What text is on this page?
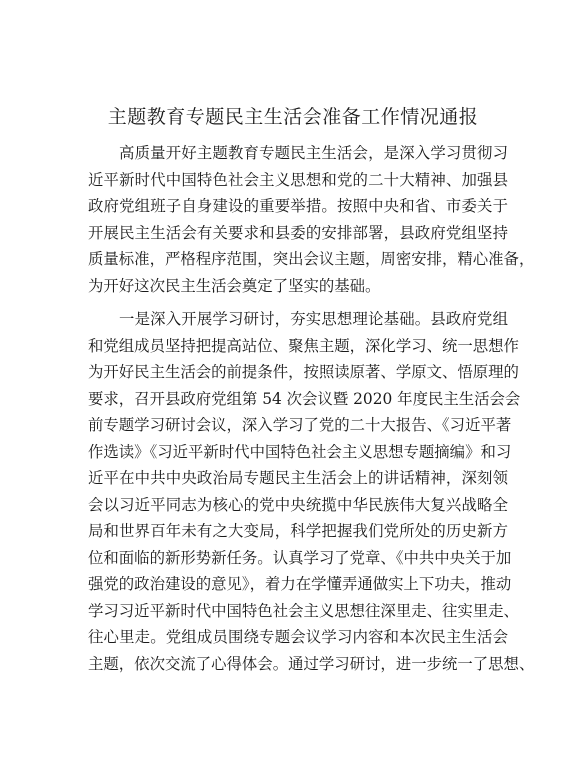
主题教育专题民主生活会准备工作情况通报
高质量开好主题教育专题民主生活会，是深入学习贯彻习
近平新时代中国特色社会主义思想和党的二十大精神、加强县
政府党组班子自身建设的重要举措。按照中央和省、市委关于
开展民主生活会有关要求和县委的安排部署，县政府党组坚持
质量标准，严格程序范围，突出会议主题，周密安排，精心准备，
为开好这次民主生活会奠定了坚实的基础。
一是深入开展学习研讨，夯实思想理论基础。县政府党组
和党组成员坚持把提高站位、聚焦主题，深化学习、统一思想作
为开好民主生活会的前提条件，按照读原著、学原文、悟原理的
要求，召开县政府党组第 54 次会议暨 2020 年度民主生活会会
前专题学习研讨会议，深入学习了党的二十大报告、《习近平著
作选读》《习近平新时代中国特色社会主义思想专题摘编》和习
近平在中共中央政治局专题民主生活会上的讲话精神，深刻领
会以习近平同志为核心的党中央统揽中华民族伟大复兴战略全
局和世界百年未有之大变局，科学把握我们党所处的历史新方
位和面临的新形势新任务。认真学习了党章、《中共中央关于加
强党的政治建设的意见》，着力在学懂弄通做实上下功夫，推动
学习习近平新时代中国特色社会主义思想往深里走、往实里走、
往心里走。党组成员围绕专题会议学习内容和本次民主生活会
主题，依次交流了心得体会。通过学习研讨，进一步统一了思想、
